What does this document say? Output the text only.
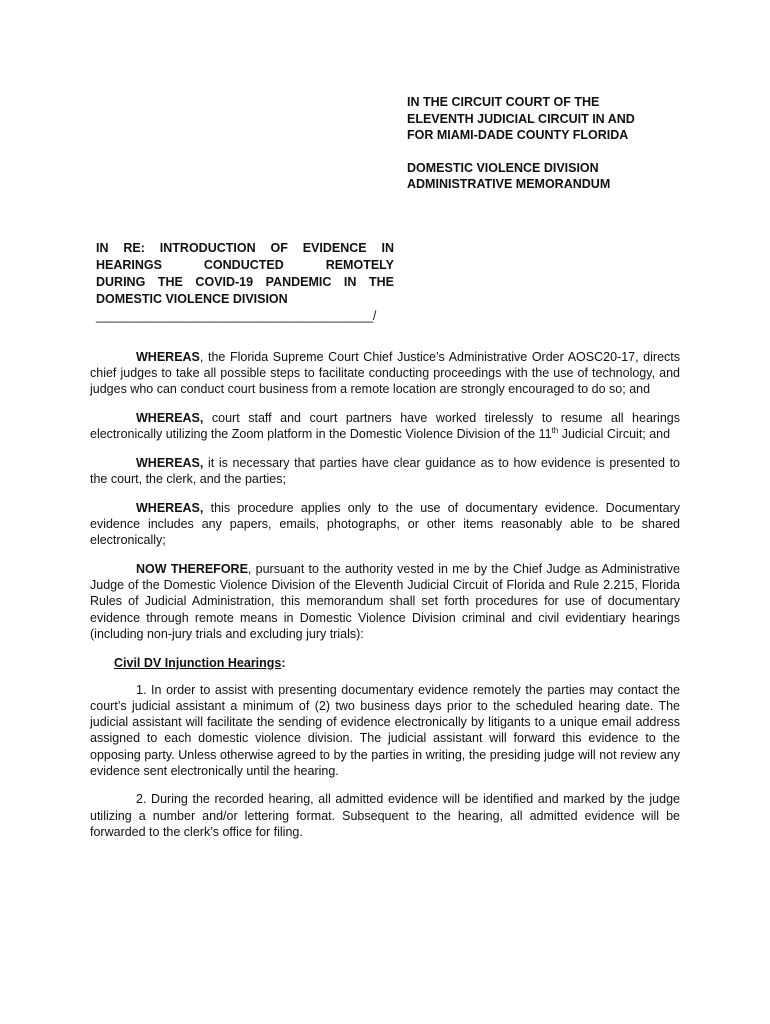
IN THE CIRCUIT COURT OF THE

ELEVENTH JUDICIAL CIRCUIT IN AND

FOR MIAMI-DADE COUNTY FLORIDA

DOMESTIC VIOLENCE DIVISION

ADMINISTRATIVE MEMORANDUM

IN RE: INTRODUCTION OF EVIDENCE IN
HEARINGS CONDUCTED REMOTELY
DURING THE COVID-19 PANDEMIC IN THE
DOMESTIC VIOLENCE DIVISION
_________________________________________/

WHEREAS, the Florida Supreme Court Chief Justice’s Administrative Order AOSC20-17, directs chief judges to take all possible steps to facilitate conducting proceedings with the use of technology, and judges who can conduct court business from a remote location are strongly encouraged to do so; and

WHEREAS, court staff and court partners have worked tirelessly to resume all hearings electronically utilizing the Zoom platform in the Domestic Violence Division of the 11th Judicial Circuit; and

WHEREAS, it is necessary that parties have clear guidance as to how evidence is presented to the court, the clerk, and the parties;

WHEREAS, this procedure applies only to the use of documentary evidence. Documentary evidence includes any papers, emails, photographs, or other items reasonably able to be shared electronically;

NOW THEREFORE, pursuant to the authority vested in me by the Chief Judge as Administrative Judge of the Domestic Violence Division of the Eleventh Judicial Circuit of Florida and Rule 2.215, Florida Rules of Judicial Administration, this memorandum shall set forth procedures for use of documentary evidence through remote means in Domestic Violence Division criminal and civil evidentiary hearings (including non-jury trials and excluding jury trials):

Civil DV Injunction Hearings:

1. In order to assist with presenting documentary evidence remotely the parties may contact the court’s judicial assistant a minimum of (2) two business days prior to the scheduled hearing date. The judicial assistant will facilitate the sending of evidence electronically by litigants to a unique email address assigned to each domestic violence division. The judicial assistant will forward this evidence to the opposing party. Unless otherwise agreed to by the parties in writing, the presiding judge will not review any evidence sent electronically until the hearing.

2. During the recorded hearing, all admitted evidence will be identified and marked by the judge utilizing a number and/or lettering format. Subsequent to the hearing, all admitted evidence will be forwarded to the clerk’s office for filing.
